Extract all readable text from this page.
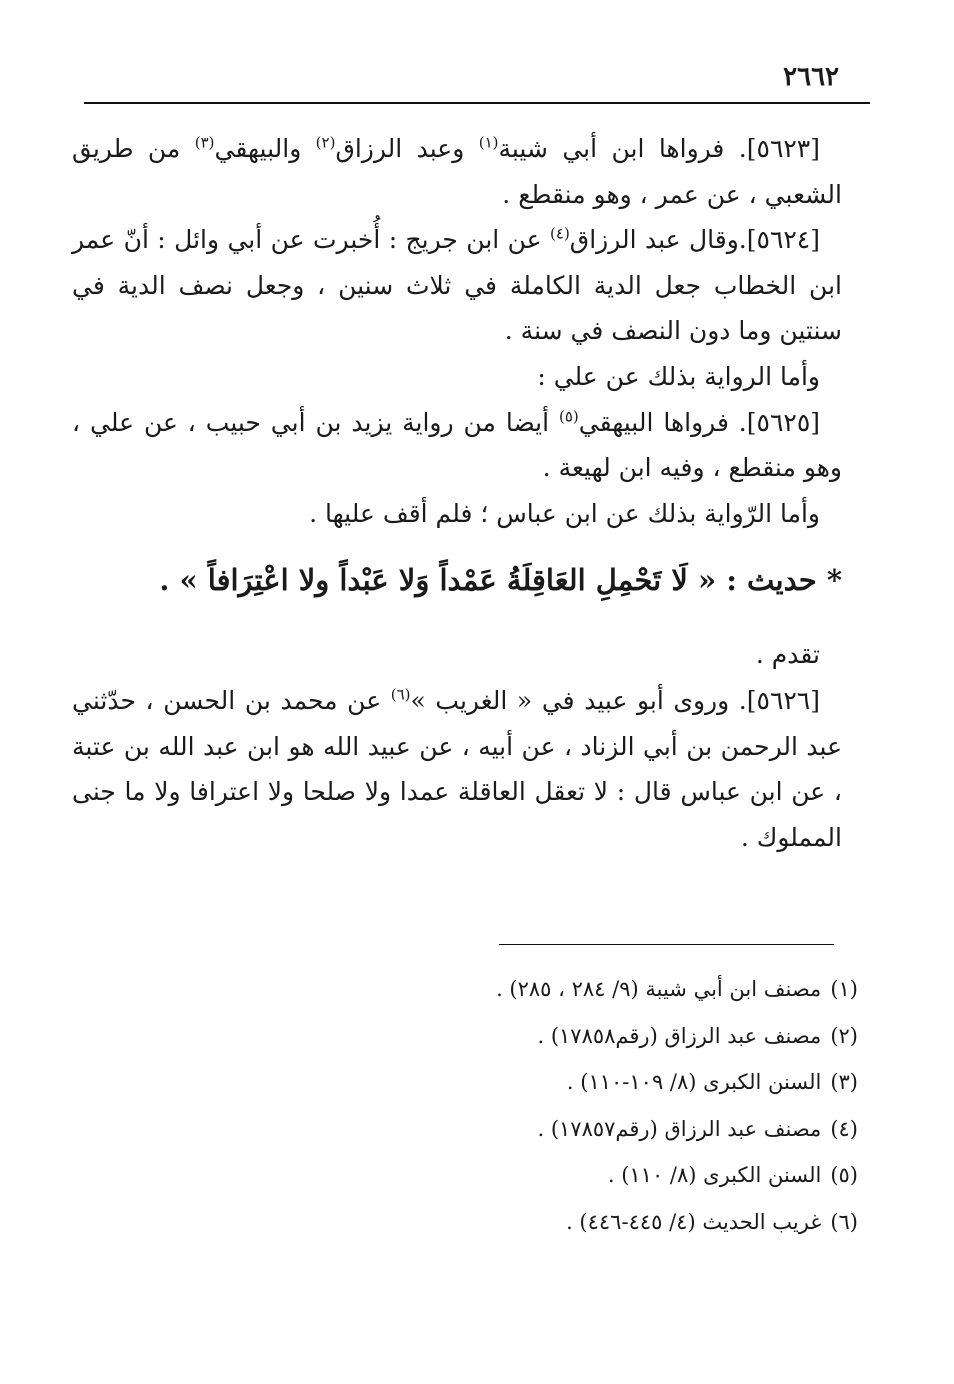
٢٦٦٢

[٥٦٢٣]. فرواها ابن أبي شيبة$^{(١)}$ وعبد الرزاق$^{(٢)}$ والبيهقي$^{(٣)}$ من طريق الشعبي ، عن عمر ، وهو منقطع .

[٥٦٢٤].وقال عبد الرزاق$^{(٤)}$ عن ابن جريج : أُخبرت عن أبي وائل : أنّ عمر ابن الخطاب جعل الدية الكاملة في ثلاث سنين ، وجعل نصف الدية في سنتين وما دون النصف في سنة .

وأما الرواية بذلك عن علي :

[٥٦٢٥]. فرواها البيهقي$^{(٥)}$ أيضا من رواية يزيد بن أبي حبيب ، عن علي ، وهو منقطع ، وفيه ابن لهيعة .

وأما الرّواية بذلك عن ابن عباس ؛ فلم أقف عليها .

* حديث : « لَا تَحْمِلِ العَاقِلَةُ عَمْداً وَلا عَبْداً ولا اعْتِرَافاً » .

تقدم .

[٥٦٢٦]. وروى أبو عبيد في « الغريب »$^{(٦)}$ عن محمد بن الحسن ، حدّثني عبد الرحمن بن أبي الزناد ، عن أبيه ، عن عبيد الله هو ابن عبد الله بن عتبة ، عن ابن عباس قال : لا تعقل العاقلة عمدا ولا صلحا ولا اعترافا ولا ما جنى المملوك .

(١) مصنف ابن أبي شيبة (٩/ ٢٨٤ ، ٢٨٥) .

(٢) مصنف عبد الرزاق (رقم١٧٨٥٨) .

(٣) السنن الكبرى (٨/ ١٠٩-١١٠) .

(٤) مصنف عبد الرزاق (رقم١٧٨٥٧) .

(٥) السنن الكبرى (٨/ ١١٠) .

(٦) غريب الحديث (٤/ ٤٤٥-٤٤٦) .
